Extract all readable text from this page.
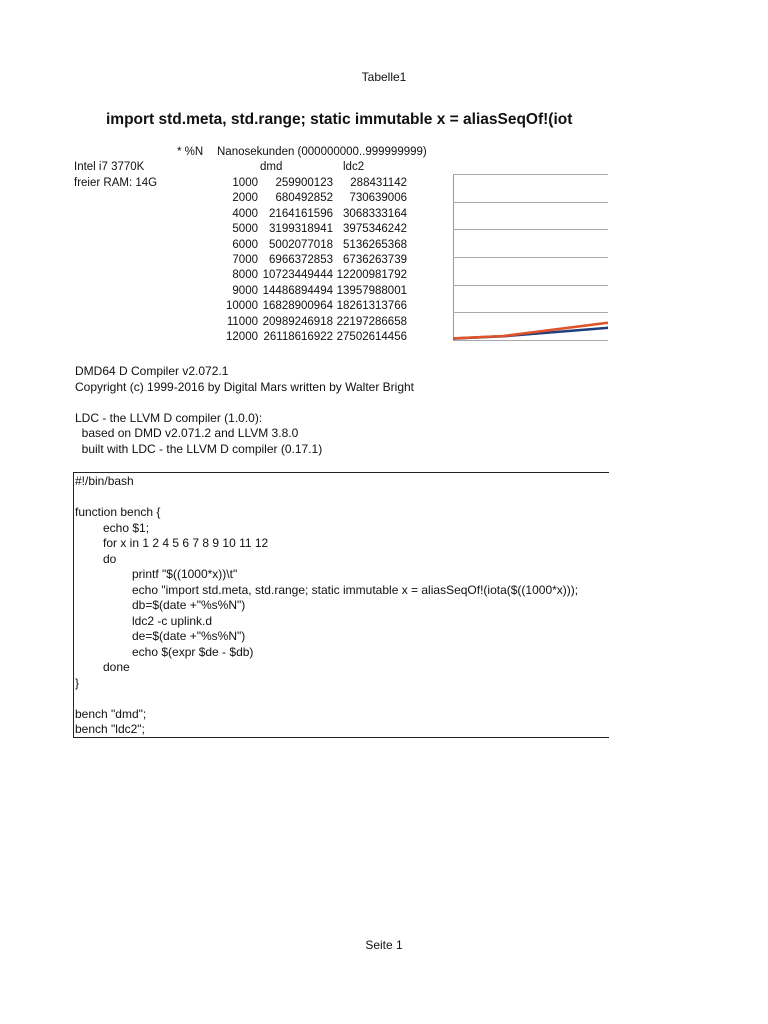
Tabelle1
import std.meta, std.range; static immutable x = aliasSeqOf!(iot
* %N Nanosekunden (000000000..999999999)
dmd	ldc2
Intel i7 3770K
freier RAM: 14G	1000	259900123	288431142
2000	680492852	730639006
4000 2164161596 3068333164
5000 3199318941 3975346242
6000 5002077018 5136265368
7000 6966372853 6736263739
8000 10723449444 12200981792
9000 14486894494 13957988001
10000 16828900964 18261313766
11000 20989246918 22197286658
12000 26118616922 27502614456
DMD64 D Compiler v2.072.1
Copyright (c) 1999-2016 by Digital Mars written by Walter Bright
LDC - the LLVM D compiler (1.0.0):
based on DMD v2.071.2 and LLVM 3.8.0
built with LDC - the LLVM D compiler (0.17.1)
#!/bin/bash
function bench {
echo $1;
for x in 1 2 4 5 6 7 8 9 10 11 12
do
printf "$((1000*x))\t"
echo "import std.meta, std.range; static immutable x = aliasSeqOf!(iota($((1000*x)));
db=$(date +"%s%N")
ldc2 -c uplink.d
de=$(date +"%s%N")
echo $(expr $de - $db)
done
}
bench "dmd";
bench "ldc2";
Seite 1
